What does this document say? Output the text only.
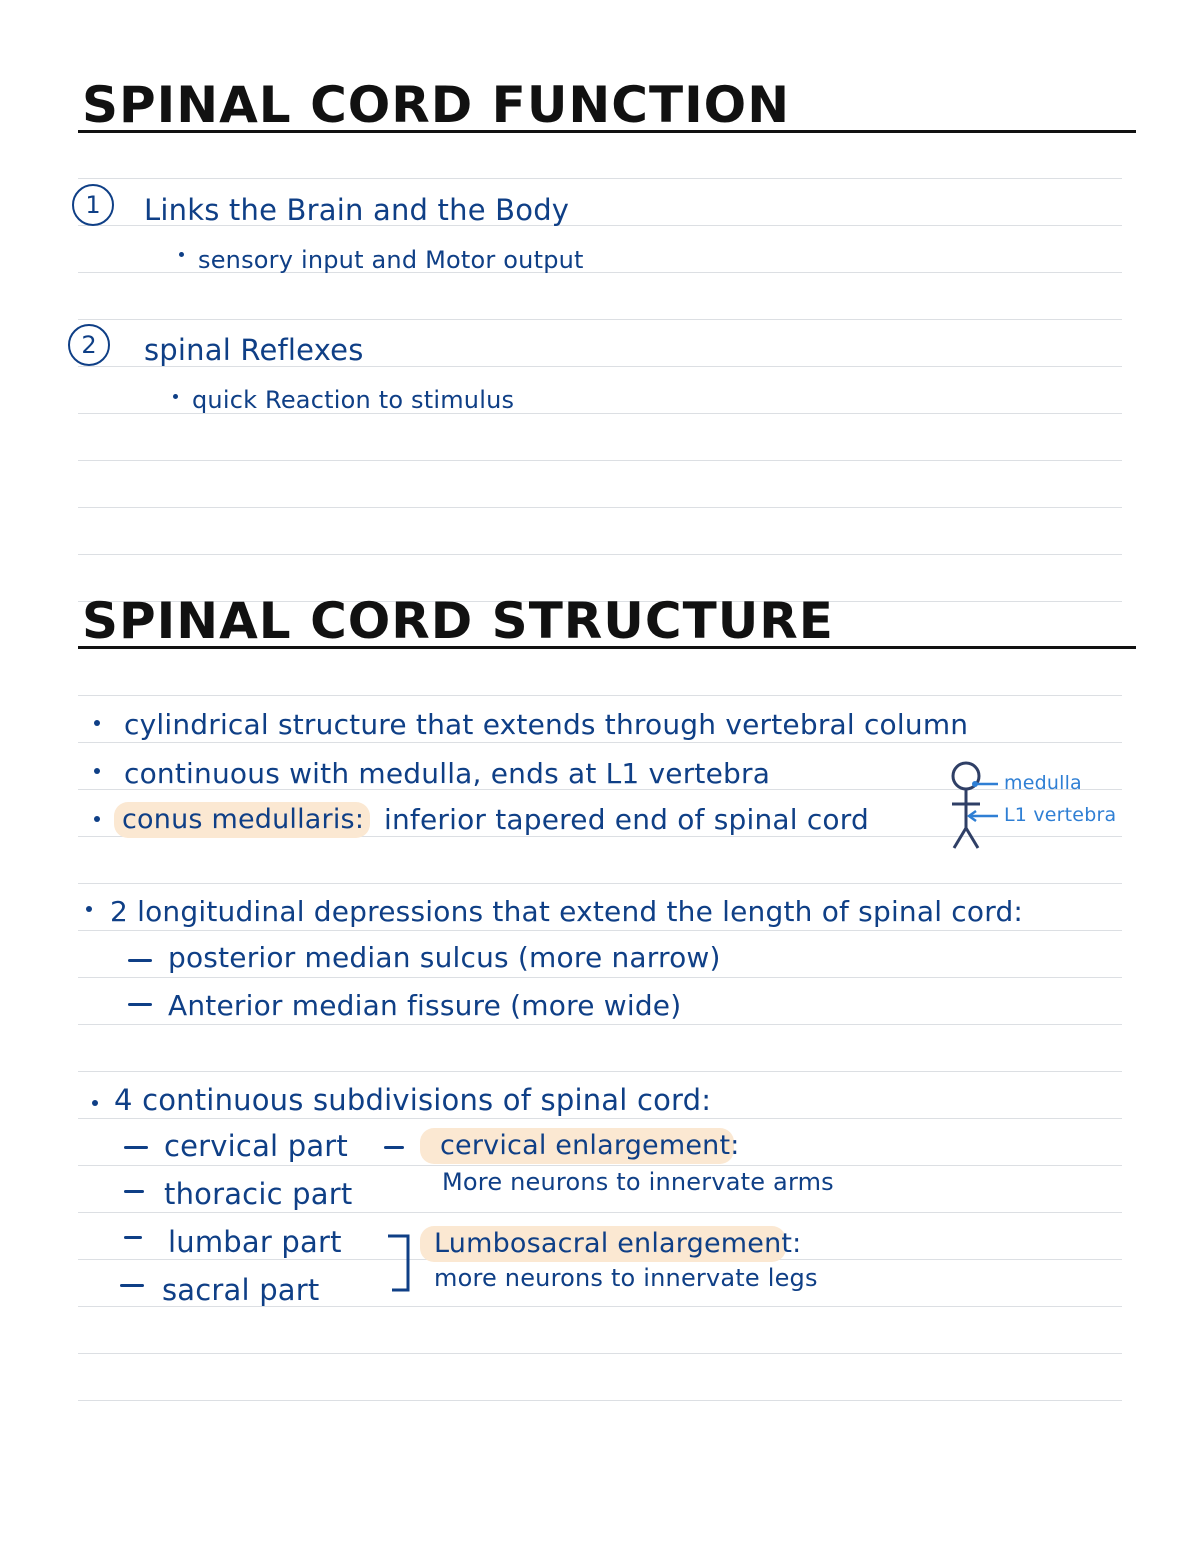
SPINAL CORD FUNCTION
1 Links the Brain and the Body
sensory input and Motor output
2 spinal Reflexes
quick Reaction to stimulus
SPINAL CORD STRUCTURE
cylindrical structure that extends through vertebral column
continuous with medulla, ends at L1 vertebra
conus medullaris: inferior tapered end of spinal cord
medulla
L1 vertebra
2 longitudinal depressions that extend the length of spinal cord:
posterior median sulcus (more narrow)
Anterior median fissure (more wide)
4 continuous subdivisions of spinal cord:
cervical part
thoracic part
lumbar part
sacral part
cervical enlargement:
More neurons to innervate arms
Lumbosacral enlargement:
more neurons to innervate legs
